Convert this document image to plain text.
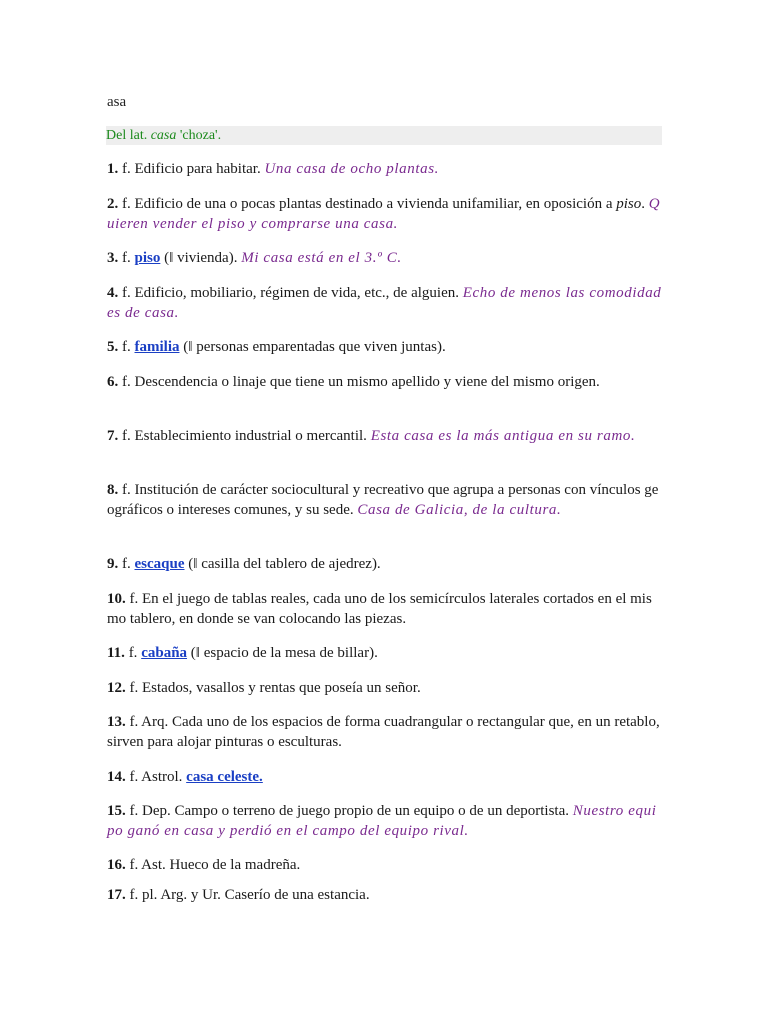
asa
Del lat. casa 'choza'.
1. f. Edificio para habitar. Una casa de ocho plantas.
2. f. Edificio de una o pocas plantas destinado a vivienda unifamiliar, en oposición a piso. Quieren vender el piso y comprarse una casa.
3. f. piso (‖ vivienda). Mi casa está en el 3.º C.
4. f. Edificio, mobiliario, régimen de vida, etc., de alguien. Echo de menos las comodidades de casa.
5. f. familia (‖ personas emparentadas que viven juntas).
6. f. Descendencia o linaje que tiene un mismo apellido y viene del mismo origen.
7. f. Establecimiento industrial o mercantil. Esta casa es la más antigua en su ramo.
8. f. Institución de carácter sociocultural y recreativo que agrupa a personas con vínculos geográficos o intereses comunes, y su sede. Casa de Galicia, de la cultura.
9. f. escaque (‖ casilla del tablero de ajedrez).
10. f. En el juego de tablas reales, cada uno de los semicírculos laterales cortados en el mismo tablero, en donde se van colocando las piezas.
11. f. cabaña (‖ espacio de la mesa de billar).
12. f. Estados, vasallos y rentas que poseía un señor.
13. f. Arq. Cada uno de los espacios de forma cuadrangular o rectangular que, en un retablo, sirven para alojar pinturas o esculturas.
14. f. Astrol. casa celeste.
15. f. Dep. Campo o terreno de juego propio de un equipo o de un deportista. Nuestro equipo ganó en casa y perdió en el campo del equipo rival.
16. f. Ast. Hueco de la madreña.
17. f. pl. Arg. y Ur. Caserío de una estancia.
